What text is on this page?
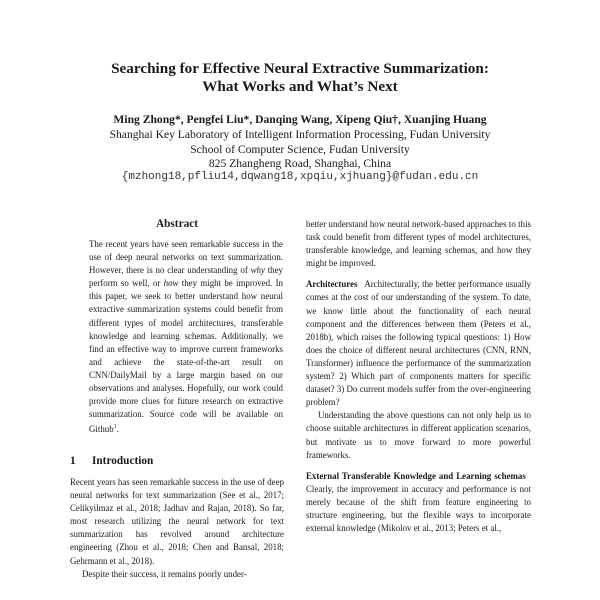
Searching for Effective Neural Extractive Summarization:
What Works and What’s Next
Ming Zhong*, Pengfei Liu*, Danqing Wang, Xipeng Qiu†, Xuanjing Huang
Shanghai Key Laboratory of Intelligent Information Processing, Fudan University
School of Computer Science, Fudan University
825 Zhangheng Road, Shanghai, China
{mzhong18,pfliu14,dqwang18,xpqiu,xjhuang}@fudan.edu.cn
Abstract

The recent years have seen remarkable success in the use of deep neural networks on text summarization. However, there is no clear understanding of why they perform so well, or how they might be improved. In this paper, we seek to better understand how neural extractive summarization systems could benefit from different types of model architectures, transferable knowledge and learning schemas. Additionally, we find an effective way to improve current frameworks and achieve the state-of-the-art result on CNN/DailyMail by a large margin based on our observations and analyses. Hopefully, our work could provide more clues for future research on extractive summarization. Source code will be available on Github$^1$.

1 Introduction

Recent years has seen remarkable success in the use of deep neural networks for text summarization (See et al., 2017; Celikyilmaz et al., 2018; Jadhav and Rajan, 2018). So far, most research utilizing the neural network for text summarization has revolved around architecture engineering (Zhou et al., 2018; Chen and Bansal, 2018; Gehrmann et al., 2018).

Despite their success, it remains poorly under-

better understand how neural network-based approaches to this task could benefit from different types of model architectures, transferable knowledge, and learning schemas, and how they might be improved.

Architectures Architecturally, the better performance usually comes at the cost of our understanding of the system. To date, we know little about the functionality of each neural component and the differences between them (Peters et al., 2018b), which raises the following typical questions: 1) How does the choice of different neural architectures (CNN, RNN, Transformer) influence the performance of the summarization system? 2) Which part of components matters for specific dataset? 3) Do current models suffer from the over-engineering problem?

Understanding the above questions can not only help us to choose suitable architectures in different application scenarios, but motivate us to move forward to more powerful frameworks.

External Transferable Knowledge and Learning schemas   Clearly, the improvement in accuracy and performance is not merely because of the shift from feature engineering to structure engineering, but the flexible ways to incorporate external knowledge (Mikolov et al., 2013; Peters et al.,
